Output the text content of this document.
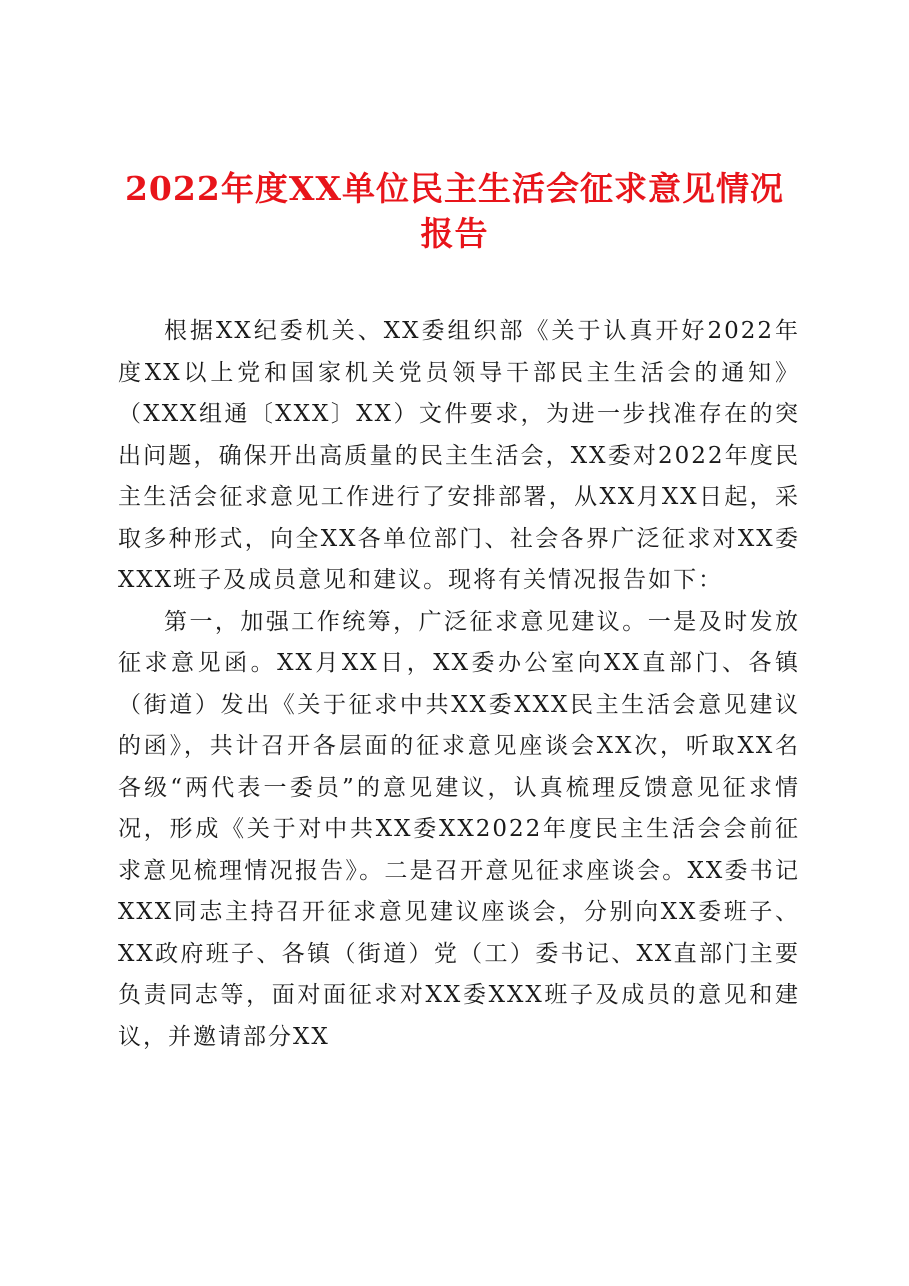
2022年度XX单位民主生活会征求意见情况报告

根据XX纪委机关、XX委组织部《关于认真开好2022年度XX以上党和国家机关党员领导干部民主生活会的通知》（XXX组通〔XXX〕XX）文件要求，为进一步找准存在的突出问题，确保开出高质量的民主生活会，XX委对2022年度民主生活会征求意见工作进行了安排部署，从XX月XX日起，采取多种形式，向全XX各单位部门、社会各界广泛征求对XX委XXX班子及成员意见和建议。现将有关情况报告如下：

第一，加强工作统筹，广泛征求意见建议。一是及时发放征求意见函。XX月XX日，XX委办公室向XX直部门、各镇（街道）发出《关于征求中共XX委XXX民主生活会意见建议的函》，共计召开各层面的征求意见座谈会XX次，听取XX名各级“两代表一委员”的意见建议，认真梳理反馈意见征求情况，形成《关于对中共XX委XX2022年度民主生活会会前征求意见梳理情况报告》。二是召开意见征求座谈会。XX委书记XXX同志主持召开征求意见建议座谈会，分别向XX委班子、XX政府班子、各镇（街道）党（工）委书记、XX直部门主要负责同志等，面对面征求对XX委XXX班子及成员的意见和建议，并邀请部分XX
